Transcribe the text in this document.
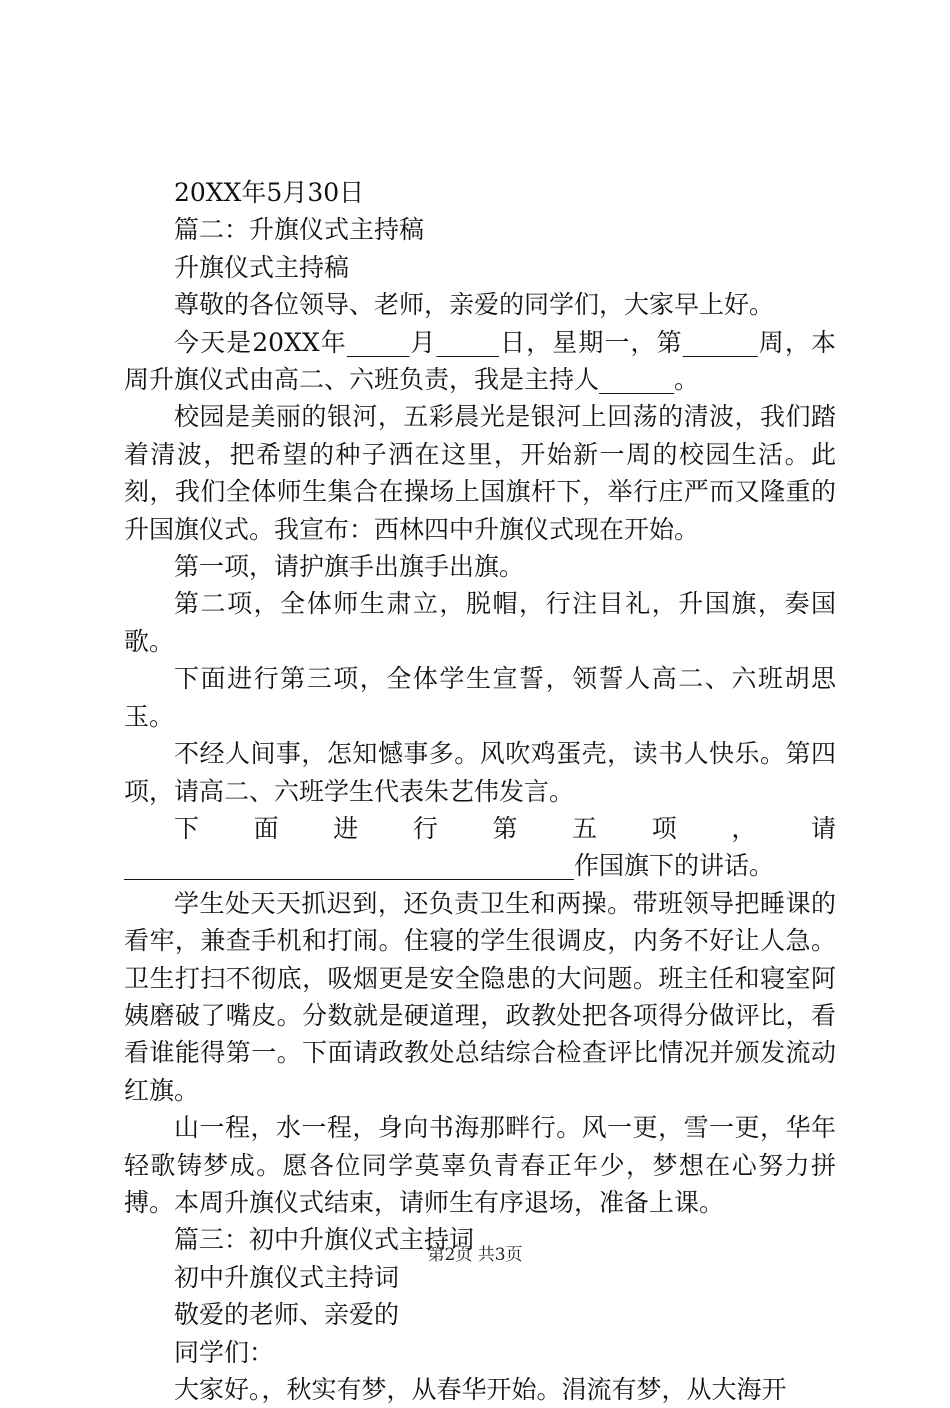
20XX年5月30日

篇二：升旗仪式主持稿

升旗仪式主持稿

尊敬的各位领导、老师，亲爱的同学们，大家早上好。

今天是20XX年_____月_____日，星期一，第______周，本周升旗仪式由高二、六班负责，我是主持人______。

校园是美丽的银河，五彩晨光是银河上回荡的清波，我们踏着清波，把希望的种子洒在这里，开始新一周的校园生活。此刻，我们全体师生集合在操场上国旗杆下，举行庄严而又隆重的升国旗仪式。我宣布：西林四中升旗仪式现在开始。

第一项，请护旗手出旗手出旗。

第二项，全体师生肃立，脱帽，行注目礼，升国旗，奏国歌。

下面进行第三项，全体学生宣誓，领誓人高二、六班胡思玉。

不经人间事，怎知憾事多。风吹鸡蛋壳，读书人快乐。第四项，请高二、六班学生代表朱艺伟发言。

下面进行第五项，请____________________________________作国旗下的讲话。

学生处天天抓迟到，还负责卫生和两操。带班领导把睡课的看牢，兼查手机和打闹。住寝的学生很调皮，内务不好让人急。卫生打扫不彻底，吸烟更是安全隐患的大问题。班主任和寝室阿姨磨破了嘴皮。分数就是硬道理，政教处把各项得分做评比，看看谁能得第一。下面请政教处总结综合检查评比情况并颁发流动红旗。

山一程，水一程，身向书海那畔行。风一更，雪一更，华年轻歌铸梦成。愿各位同学莫辜负青春正年少，梦想在心努力拼搏。本周升旗仪式结束，请师生有序退场，准备上课。

篇三：初中升旗仪式主持词

初中升旗仪式主持词

敬爱的老师、亲爱的

同学们：

大家好。，秋实有梦，从春华开始。涓流有梦，从大海开

第2页 共3页
